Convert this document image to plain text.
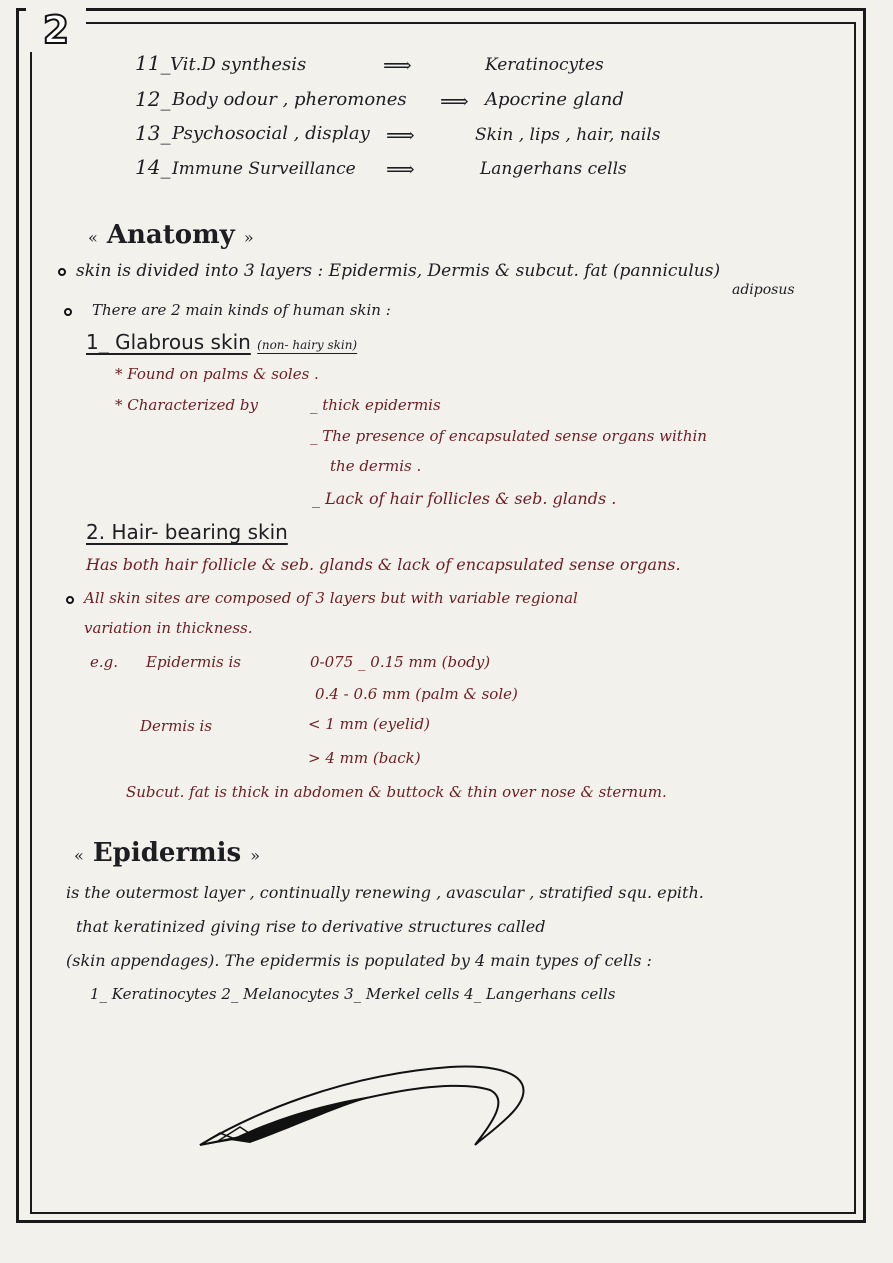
2
11_ Vit.D synthesis	⟹	Keratinocytes
12_ Body odour , pheromones ⟹ Apocrine gland
13_ Psychosocial , display ⟹	Skin , lips , hair, nails
14_ Immune Surveillance ⟹	Langerhans cells
« Anatomy »
skin is divided into 3 layers : Epidermis, Dermis & subcut. fat (panniculus)
adiposus
There are 2 main kinds of human skin :
1_ Glabrous skin (non- hairy skin)
* Found on palms & soles .
* Characterized by	_ thick epidermis
_ The presence of encapsulated sense organs within
the dermis .
_ Lack of hair follicles & seb. glands .
2. Hair- bearing skin
Has both hair follicle & seb. glands & lack of encapsulated sense organs.
All skin sites are composed of 3 layers but with variable regional
variation in thickness.
e.g. Epidermis is	0-075 _ 0.15 mm (body)
0.4 - 0.6 mm (palm & sole)
Dermis is	< 1 mm (eyelid)
> 4 mm (back)
Subcut. fat is thick in abdomen & buttock & thin over nose & sternum.
« Epidermis »
is the outermost layer , continually renewing , avascular , stratified squ. epith.
that keratinized giving rise to derivative structures called
(skin appendages). The epidermis is populated by 4 main types of cells :
1_ Keratinocytes 2_ Melanocytes 3_ Merkel cells 4_ Langerhans cells
